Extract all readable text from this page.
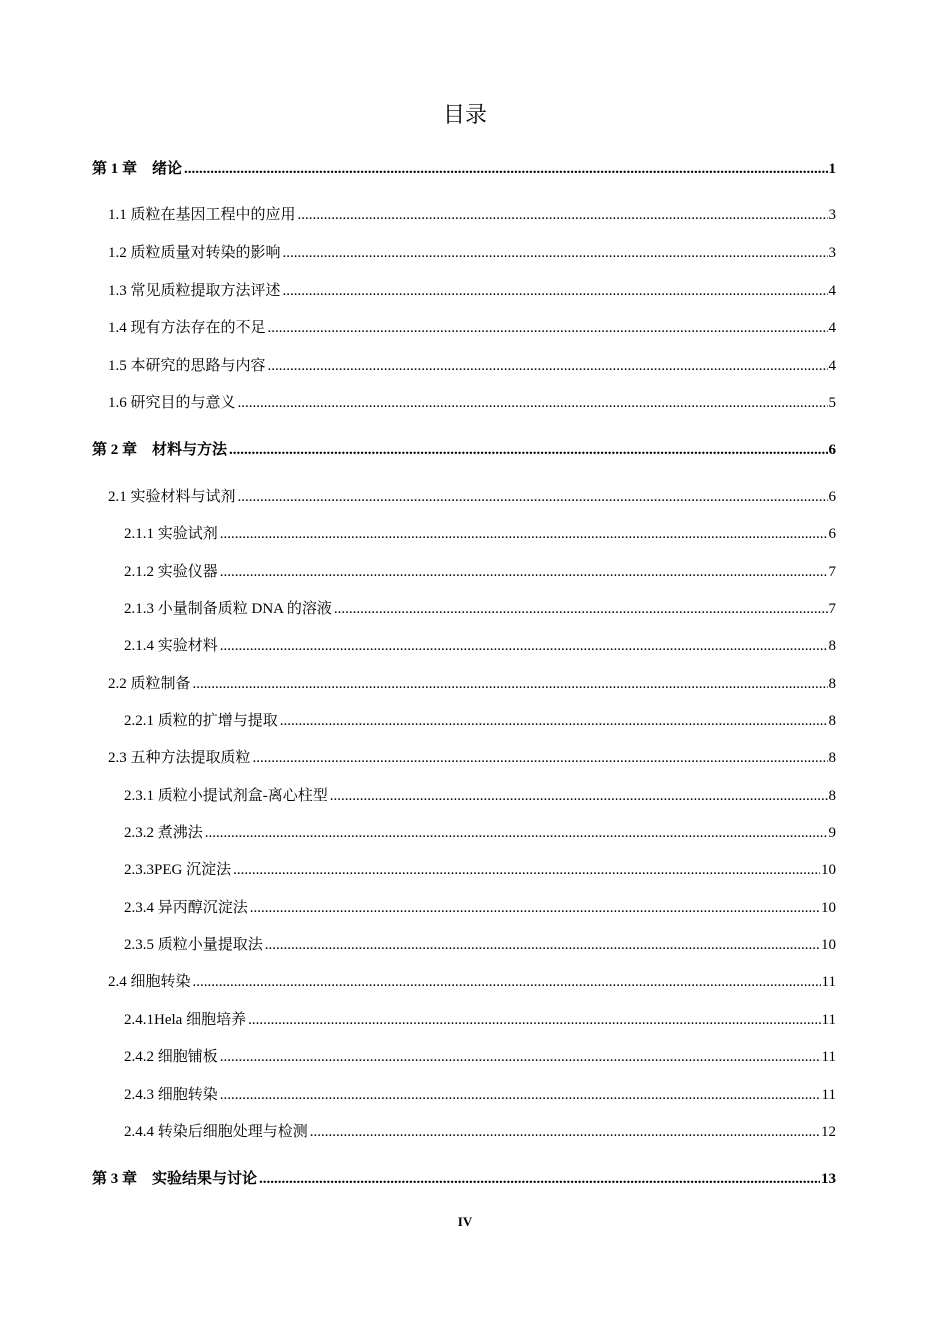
目录
第 1 章　绪论 .....	1
1.1 质粒在基因工程中的应用 .....	3
1.2 质粒质量对转染的影响 .....	3
1.3 常见质粒提取方法评述 .....	4
1.4 现有方法存在的不足 .....	4
1.5 本研究的思路与内容 .....	4
1.6 研究目的与意义 .....	5
第 2 章　材料与方法 .....	6
2.1 实验材料与试剂 .....	6
2.1.1 实验试剂 .....	6
2.1.2 实验仪器 .....	7
2.1.3 小量制备质粒 DNA 的溶液 .....	7
2.1.4 实验材料 .....	8
2.2 质粒制备 .....	8
2.2.1 质粒的扩增与提取 .....	8
2.3 五种方法提取质粒 .....	8
2.3.1 质粒小提试剂盒-离心柱型 .....	8
2.3.2 煮沸法 .....	9
2.3.3PEG 沉淀法 .....	10
2.3.4 异丙醇沉淀法 .....	10
2.3.5 质粒小量提取法 .....	10
2.4 细胞转染 .....	11
2.4.1Hela 细胞培养 .....	11
2.4.2 细胞铺板 .....	11
2.4.3 细胞转染 .....	11
2.4.4 转染后细胞处理与检测 .....	12
第 3 章　实验结果与讨论 .....	13
IV
